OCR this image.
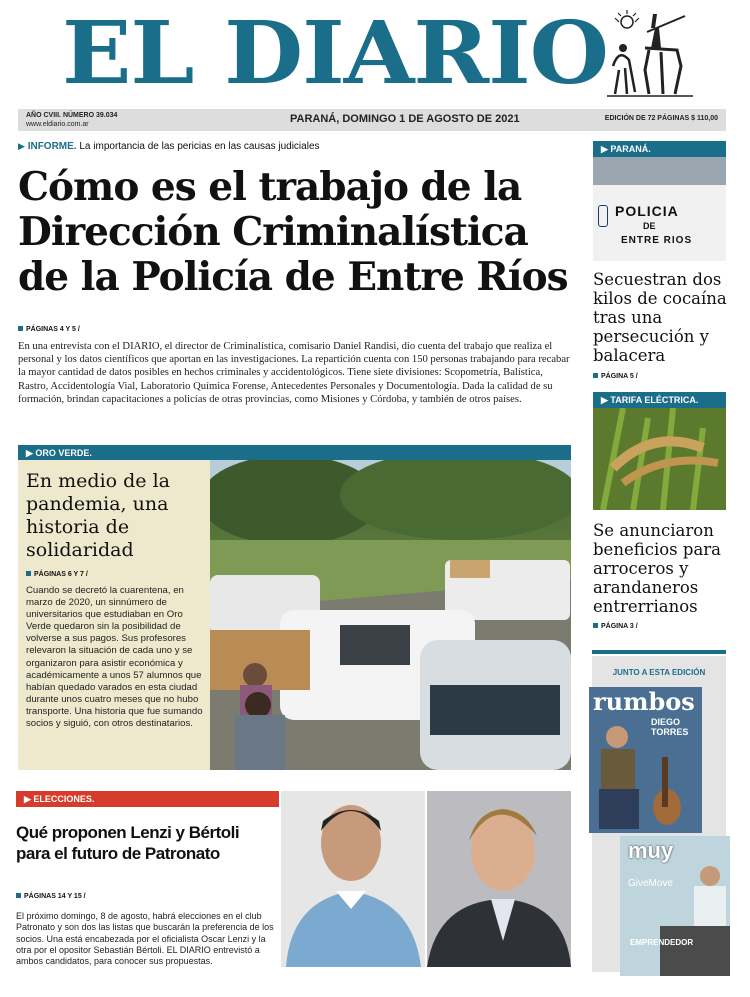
EL DIARIO
AÑO CVIII. NÚMERO 39.034
www.eldiario.com.ar	PARANÁ, DOMINGO 1 DE AGOSTO DE 2021	EDICIÓN DE 72 PÁGINAS $ 110,00
▶ INFORME. La importancia de las pericias en las causas judiciales
Cómo es el trabajo de la Dirección Criminalística de la Policía de Entre Ríos
PÁGINAS 4 Y 5 /
En una entrevista con el DIARIO, el director de Criminalística, comisario Daniel Randisi, dio cuenta del trabajo que realiza el personal y los datos científicos que aportan en las investigaciones. La repartición cuenta con 150 personas trabajando para recabar la mayor cantidad de datos posibles en hechos criminales y accidentológicos. Tiene siete divisiones: Scopometría, Balística, Rastro, Accidentología Vial, Laboratorio Química Forense, Antecedentes Personales y Documentología. Dada la calidad de su formación, brindan capacitaciones a policías de otras provincias, como Misiones y Córdoba, y también de otros países.
▶ ORO VERDE.
En medio de la pandemia, una historia de solidaridad
PÁGINAS 6 Y 7 /
Cuando se decretó la cuarentena, en marzo de 2020, un sinnúmero de universitarios que estudiaban en Oro Verde quedaron sin la posibilidad de volverse a sus pagos. Sus profesores relevaron la situación de cada uno y se organizaron para asistir económica y académicamente a unos 57 alumnos que habían quedado varados en esta ciudad durante unos cuatro meses que no hubo transporte. Una historia que fue sumando socios y siguió, con otros destinatarios.
▶ ELECCIONES.
Qué proponen Lenzi y Bértoli para el futuro de Patronato
PÁGINAS 14 Y 15 /
El próximo domingo, 8 de agosto, habrá elecciones en el club Patronato y son dos las listas que buscarán la preferencia de los socios. Una está encabezada por el oficialista Oscar Lenzi y la otra por el opositor Sebastián Bértoli. EL DIARIO entrevistó a ambos candidatos, para conocer sus propuestas.
▶ PARANÁ.
POLICIA
DE
ENTRE RIOS
Secuestran dos kilos de cocaína tras una persecución y balacera
PÁGINA 5 /
▶ TARIFA ELÉCTRICA.
Se anunciaron beneficios para arroceros y arandaneros entrerrianos
PÁGINA 3 /
JUNTO A ESTA EDICIÓN
rumbos
DIEGO
TORRES
muy
GiveMove
EMPRENDEDOR
